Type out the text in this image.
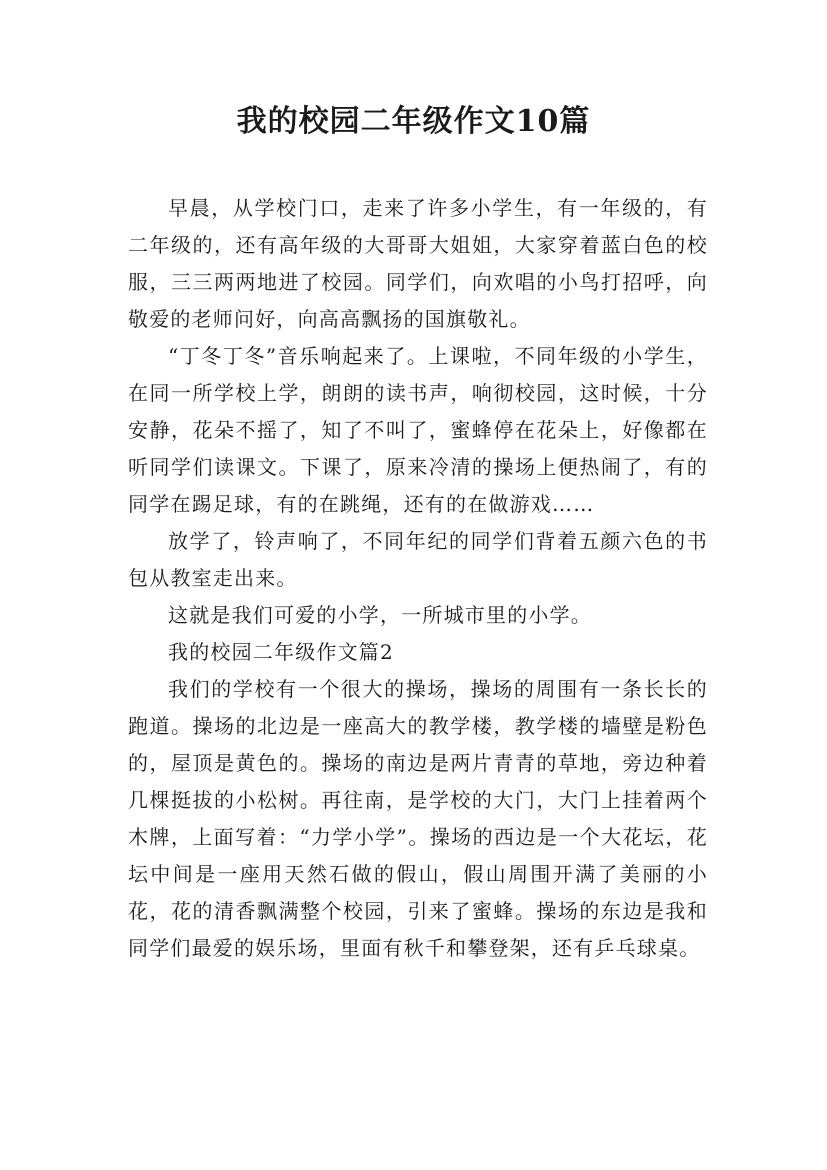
我的校园二年级作文10篇

早晨，从学校门口，走来了许多小学生，有一年级的，有二年级的，还有高年级的大哥哥大姐姐，大家穿着蓝白色的校服，三三两两地进了校园。同学们，向欢唱的小鸟打招呼，向敬爱的老师问好，向高高飘扬的国旗敬礼。

“丁冬丁冬”音乐响起来了。上课啦，不同年级的小学生，在同一所学校上学，朗朗的读书声，响彻校园，这时候，十分安静，花朵不摇了，知了不叫了，蜜蜂停在花朵上，好像都在听同学们读课文。下课了，原来冷清的操场上便热闹了，有的同学在踢足球，有的在跳绳，还有的在做游戏……

放学了，铃声响了，不同年纪的同学们背着五颜六色的书包从教室走出来。

这就是我们可爱的小学，一所城市里的小学。

我的校园二年级作文篇2

我们的学校有一个很大的操场，操场的周围有一条长长的跑道。操场的北边是一座高大的教学楼，教学楼的墙壁是粉色的，屋顶是黄色的。操场的南边是两片青青的草地，旁边种着几棵挺拔的小松树。再往南，是学校的大门，大门上挂着两个木牌，上面写着：“力学小学”。操场的西边是一个大花坛，花坛中间是一座用天然石做的假山，假山周围开满了美丽的小花，花的清香飘满整个校园，引来了蜜蜂。操场的东边是我和同学们最爱的娱乐场，里面有秋千和攀登架，还有乒乓球桌。
